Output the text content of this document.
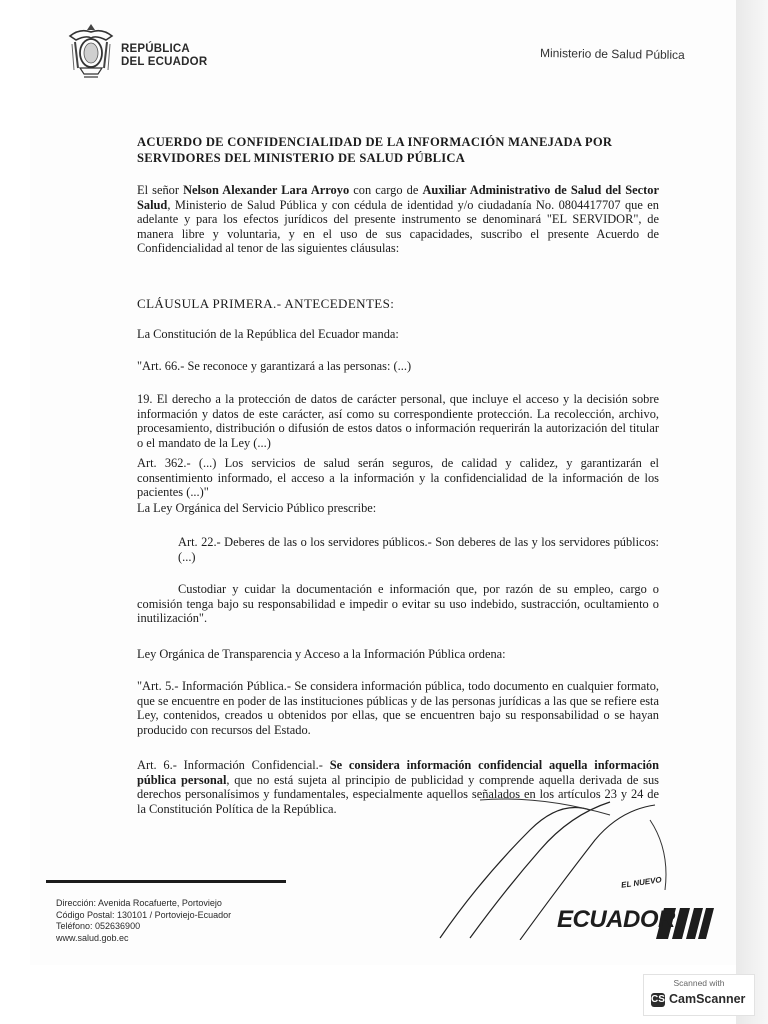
REPÚBLICA
DEL ECUADOR	Ministerio de Salud Pública
ACUERDO DE CONFIDENCIALIDAD DE LA INFORMACIÓN MANEJADA POR SERVIDORES DEL MINISTERIO DE SALUD PÚBLICA
El señor Nelson Alexander Lara Arroyo con cargo de Auxiliar Administrativo de Salud del Sector Salud, Ministerio de Salud Pública y con cédula de identidad y/o ciudadanía No. 0804417707 que en adelante y para los efectos jurídicos del presente instrumento se denominará "EL SERVIDOR", de manera libre y voluntaria, y en el uso de sus capacidades, suscribo el presente Acuerdo de Confidencialidad al tenor de las siguientes cláusulas:
CLÁUSULA PRIMERA.- ANTECEDENTES:
La Constitución de la República del Ecuador manda:
"Art. 66.- Se reconoce y garantizará a las personas: (...)
19. El derecho a la protección de datos de carácter personal, que incluye el acceso y la decisión sobre información y datos de este carácter, así como su correspondiente protección. La recolección, archivo, procesamiento, distribución o difusión de estos datos o información requerirán la autorización del titular o el mandato de la Ley (...)
Art. 362.- (...) Los servicios de salud serán seguros, de calidad y calidez, y garantizarán el consentimiento informado, el acceso a la información y la confidencialidad de la información de los pacientes (...)"
La Ley Orgánica del Servicio Público prescribe:
Art. 22.- Deberes de las o los servidores públicos.- Son deberes de las y los servidores públicos: (...)
Custodiar y cuidar la documentación e información que, por razón de su empleo, cargo o comisión tenga bajo su responsabilidad e impedir o evitar su uso indebido, sustracción, ocultamiento o inutilización".
Ley Orgánica de Transparencia y Acceso a la Información Pública ordena:
"Art. 5.- Información Pública.- Se considera información pública, todo documento en cualquier formato, que se encuentre en poder de las instituciones públicas y de las personas jurídicas a las que se refiere esta Ley, contenidos, creados u obtenidos por ellas, que se encuentren bajo su responsabilidad o se hayan producido con recursos del Estado.
Art. 6.- Información Confidencial.- Se considera información confidencial aquella información pública personal, que no está sujeta al principio de publicidad y comprende aquella derivada de sus derechos personalísimos y fundamentales, especialmente aquellos señalados en los artículos 23 y 24 de la Constitución Política de la República.
Dirección: Avenida Rocafuerte, Portoviejo
Código Postal: 130101 / Portoviejo-Ecuador
Teléfono: 052636900
www.salud.gob.ec
EL NUEVO
ECUADOR
Scanned with
CS CamScanner
